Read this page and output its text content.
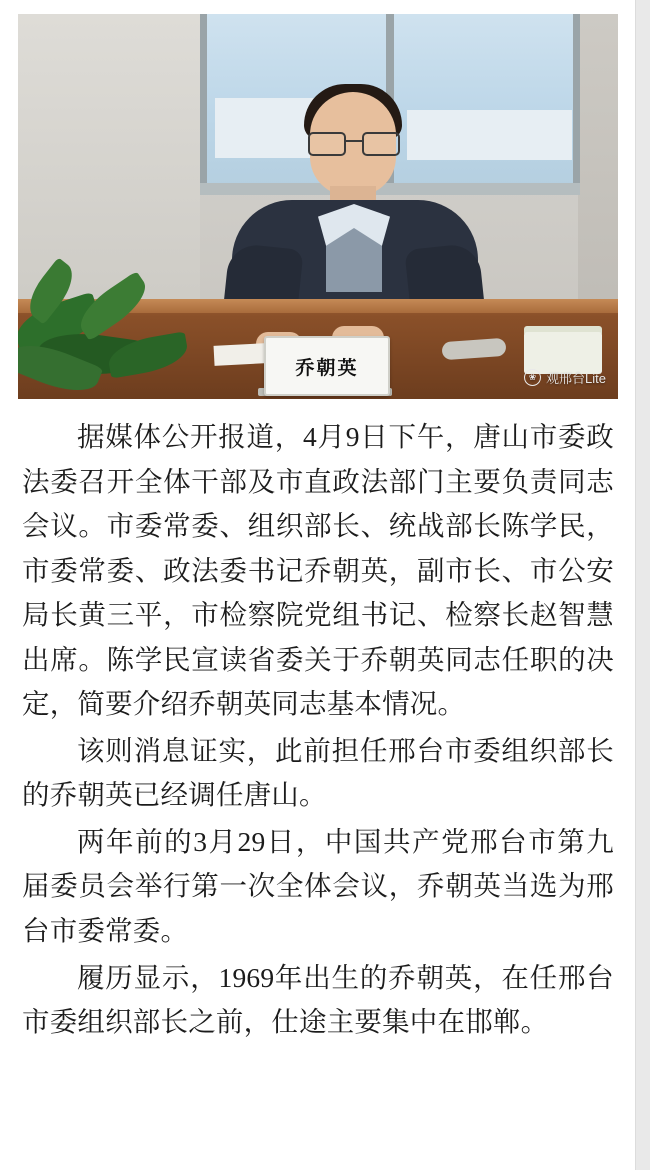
乔朝英	❀ 观邢台Lite

据媒体公开报道，4月9日下午，唐山市委政法委召开全体干部及市直政法部门主要负责同志会议。市委常委、组织部长、统战部长陈学民，市委常委、政法委书记乔朝英，副市长、市公安局长黄三平，市检察院党组书记、检察长赵智慧出席。陈学民宣读省委关于乔朝英同志任职的决定，简要介绍乔朝英同志基本情况。

该则消息证实，此前担任邢台市委组织部长的乔朝英已经调任唐山。

两年前的3月29日，中国共产党邢台市第九届委员会举行第一次全体会议，乔朝英当选为邢台市委常委。

履历显示，1969年出生的乔朝英，在任邢台市委组织部长之前，仕途主要集中在邯郸。
